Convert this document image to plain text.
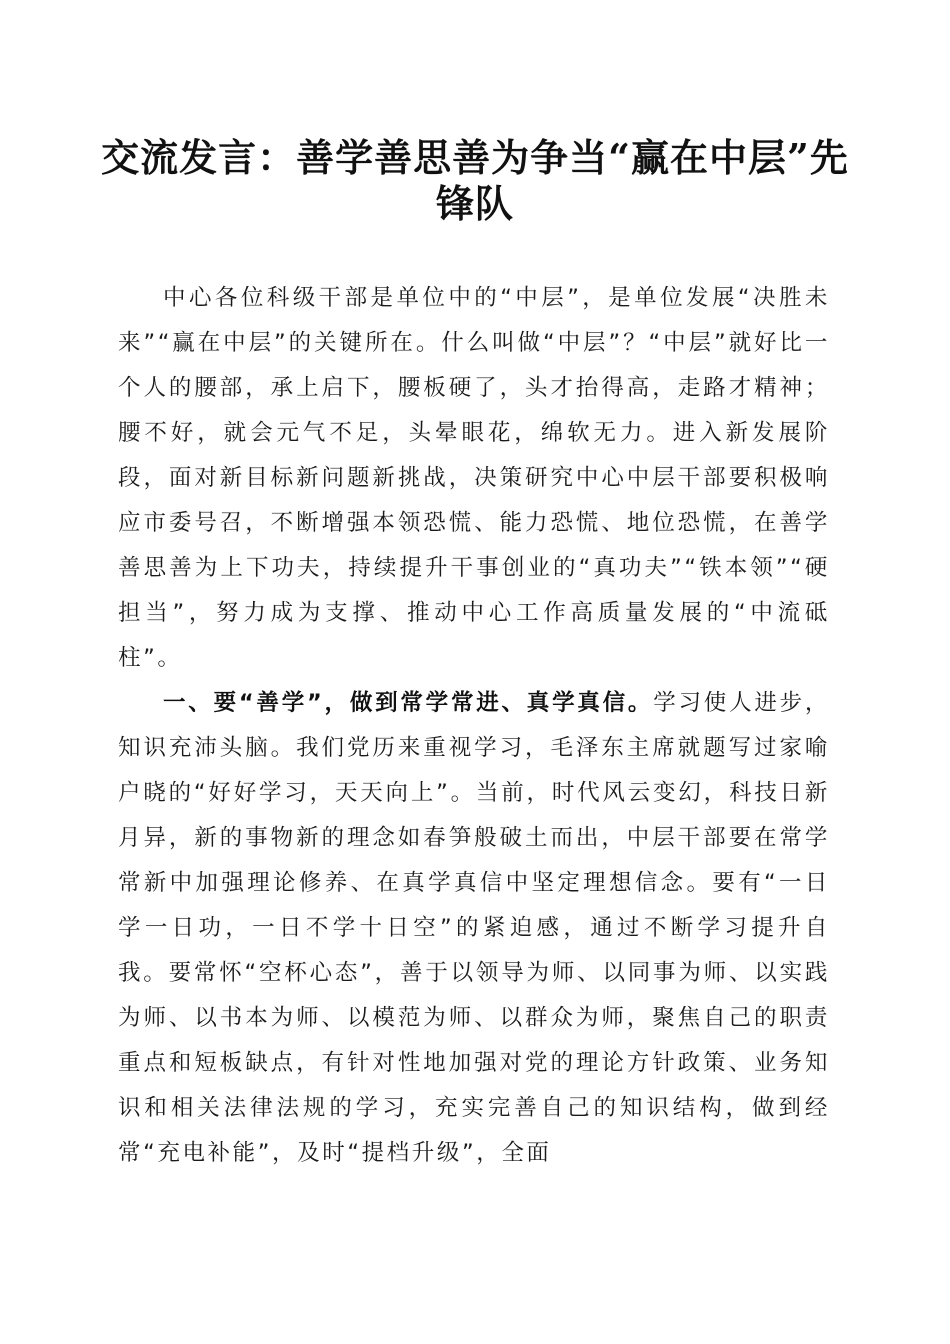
交流发言：善学善思善为争当“赢在中层”先锋队

中心各位科级干部是单位中的“中层”，是单位发展“决胜未来”“赢在中层”的关键所在。什么叫做“中层”？“中层”就好比一个人的腰部，承上启下，腰板硬了，头才抬得高，走路才精神；腰不好，就会元气不足，头晕眼花，绵软无力。进入新发展阶段，面对新目标新问题新挑战，决策研究中心中层干部要积极响应市委号召，不断增强本领恐慌、能力恐慌、地位恐慌，在善学善思善为上下功夫，持续提升干事创业的“真功夫”“铁本领”“硬担当”，努力成为支撑、推动中心工作高质量发展的“中流砥柱”。

一、要“善学”，做到常学常进、真学真信。学习使人进步，知识充沛头脑。我们党历来重视学习，毛泽东主席就题写过家喻户晓的“好好学习，天天向上”。当前，时代风云变幻，科技日新月异，新的事物新的理念如春笋般破土而出，中层干部要在常学常新中加强理论修养、在真学真信中坚定理想信念。要有“一日学一日功，一日不学十日空”的紧迫感，通过不断学习提升自我。要常怀“空杯心态”，善于以领导为师、以同事为师、以实践为师、以书本为师、以模范为师、以群众为师，聚焦自己的职责重点和短板缺点，有针对性地加强对党的理论方针政策、业务知识和相关法律法规的学习，充实完善自己的知识结构，做到经常“充电补能”，及时“提档升级”，全面
